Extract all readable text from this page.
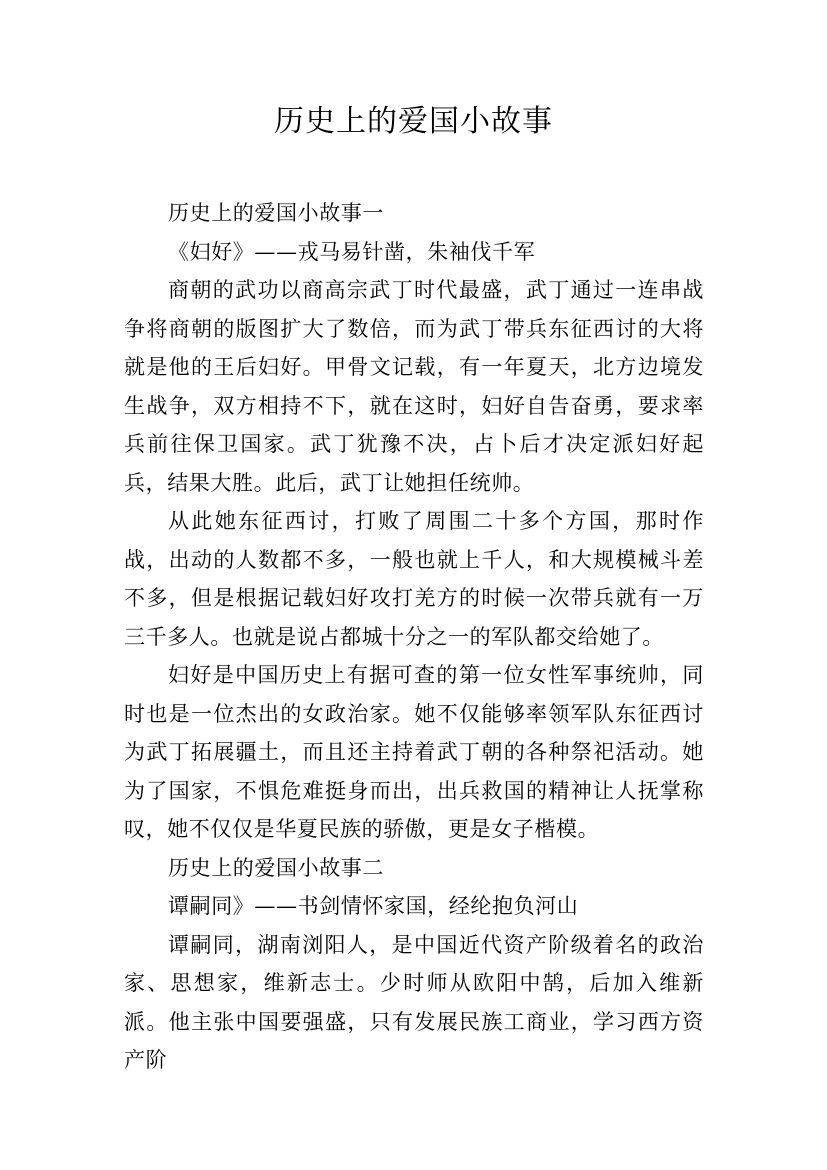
历史上的爱国小故事

历史上的爱国小故事一

《妇好》——戎马易针凿，朱袖伐千军

商朝的武功以商高宗武丁时代最盛，武丁通过一连串战争将商朝的版图扩大了数倍，而为武丁带兵东征西讨的大将就是他的王后妇好。甲骨文记载，有一年夏天，北方边境发生战争，双方相持不下，就在这时，妇好自告奋勇，要求率兵前往保卫国家。武丁犹豫不决，占卜后才决定派妇好起兵，结果大胜。此后，武丁让她担任统帅。

从此她东征西讨，打败了周围二十多个方国，那时作战，出动的人数都不多，一般也就上千人，和大规模械斗差不多，但是根据记载妇好攻打羌方的时候一次带兵就有一万三千多人。也就是说占都城十分之一的军队都交给她了。

妇好是中国历史上有据可查的第一位女性军事统帅，同时也是一位杰出的女政治家。她不仅能够率领军队东征西讨为武丁拓展疆土，而且还主持着武丁朝的各种祭祀活动。她为了国家，不惧危难挺身而出，出兵救国的精神让人抚掌称叹，她不仅仅是华夏民族的骄傲，更是女子楷模。

历史上的爱国小故事二

谭嗣同》——书剑情怀家国，经纶抱负河山

谭嗣同，湖南浏阳人，是中国近代资产阶级着名的政治家、思想家，维新志士。少时师从欧阳中鹄，后加入维新派。他主张中国要强盛，只有发展民族工商业，学习西方资产阶
